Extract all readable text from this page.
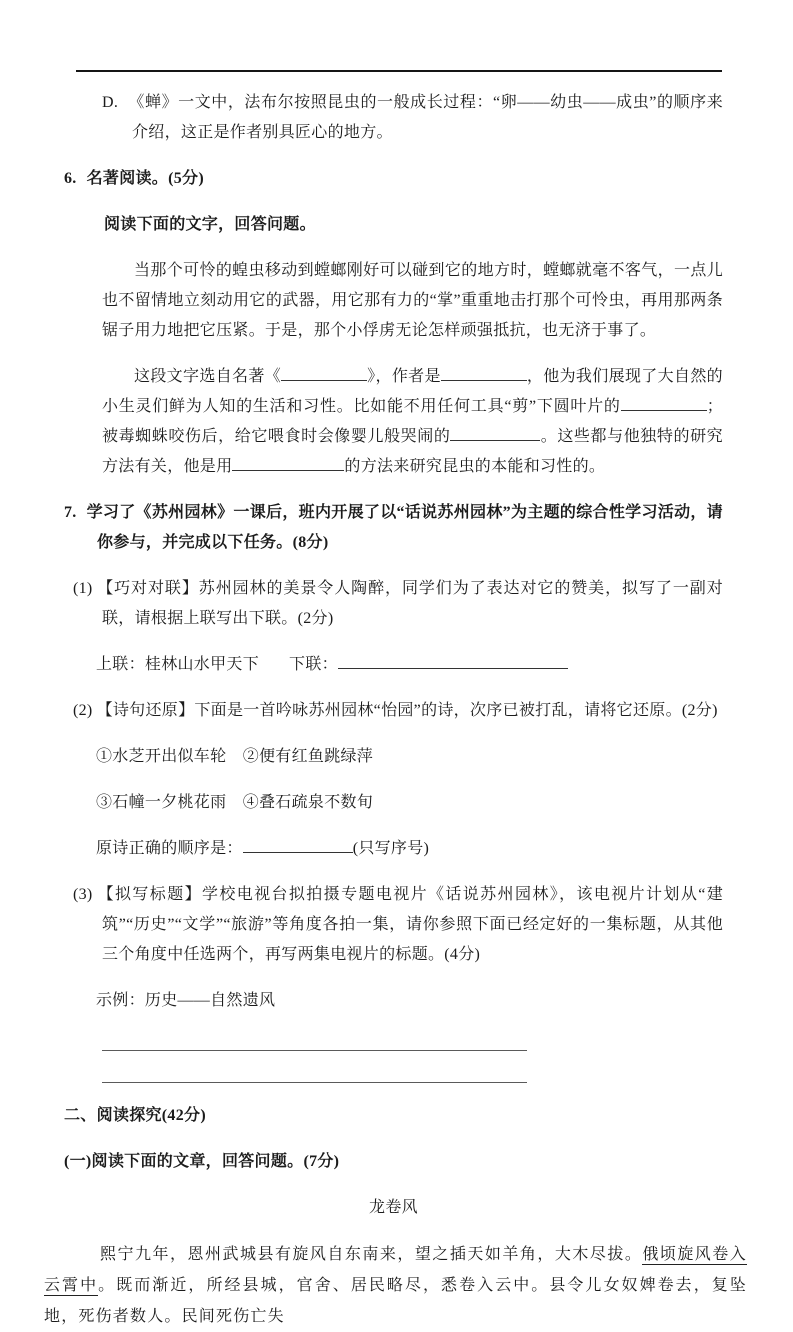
D. 《蝉》一文中，法布尔按照昆虫的一般成长过程：“卵——幼虫——成虫”的顺序来介绍，这正是作者别具匠心的地方。

6. 名著阅读。(5分)

阅读下面的文字，回答问题。

当那个可怜的蝗虫移动到螳螂刚好可以碰到它的地方时，螳螂就毫不客气，一点儿也不留情地立刻动用它的武器，用它那有力的“掌”重重地击打那个可怜虫，再用那两条锯子用力地把它压紧。于是，那个小俘虏无论怎样顽强抵抗，也无济于事了。

这段文字选自名著《	》，作者是	，他为我们展现了大自然的小生灵们鲜为人知的生活和习性。比如能不用任何工具“剪”下圆叶片的	；被毒蜘蛛咬伤后，给它喂食时会像婴儿般哭闹的	。这些都与他独特的研究方法有关，他是用	的方法来研究昆虫的本能和习性的。

7. 学习了《苏州园林》一课后，班内开展了以“话说苏州园林”为主题的综合性学习活动，请你参与，并完成以下任务。(8分)

(1) 【巧对对联】苏州园林的美景令人陶醉，同学们为了表达对它的赞美，拟写了一副对联，请根据上联写出下联。(2分)

上联：桂林山水甲天下 下联：

(2) 【诗句还原】下面是一首吟咏苏州园林“怡园”的诗，次序已被打乱，请将它还原。(2分)

①水芝开出似车轮　②便有红鱼跳绿萍

③石幢一夕桃花雨　④叠石疏泉不数旬

原诗正确的顺序是：	(只写序号)

(3) 【拟写标题】学校电视台拟拍摄专题电视片《话说苏州园林》，该电视片计划从“建筑”“历史”“文学”“旅游”等角度各拍一集，请你参照下面已经定好的一集标题，从其他三个角度中任选两个，再写两集电视片的标题。(4分)

示例：历史——自然遗风

二、阅读探究(42分)

(一)阅读下面的文章，回答问题。(7分)

龙卷风

熙宁九年，恩州武城县有旋风自东南来，望之插天如羊角，大木尽拔。俄顷旋风卷入云霄中。既而渐近，所经县城，官舍、居民略尽，悉卷入云中。县令儿女奴婢卷去，复坠地，死伤者数人。民间死伤亡失
